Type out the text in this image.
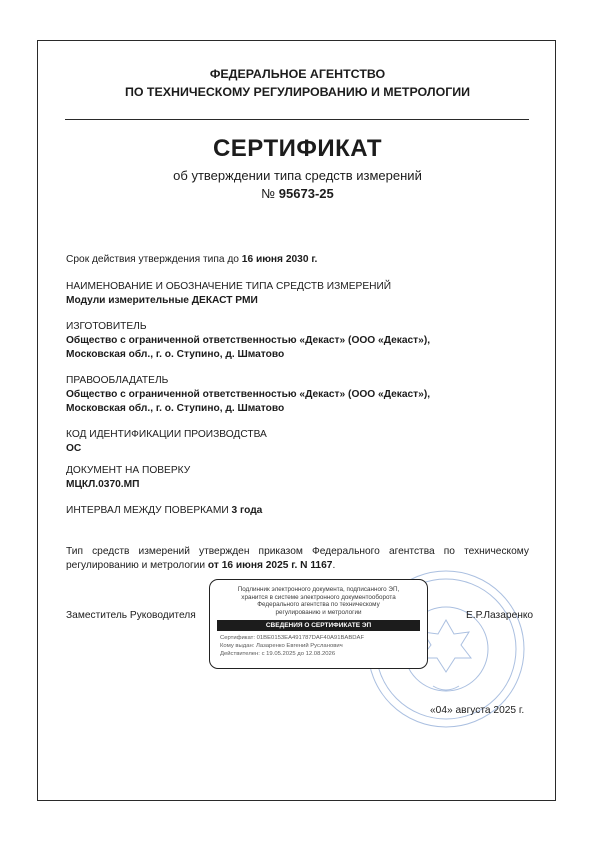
ФЕДЕРАЛЬНОЕ АГЕНТСТВО
ПО ТЕХНИЧЕСКОМУ РЕГУЛИРОВАНИЮ И МЕТРОЛОГИИ
СЕРТИФИКАТ
об утверждении типа средств измерений
№ 95673-25
Срок действия утверждения типа до 16 июня 2030 г.
НАИМЕНОВАНИЕ И ОБОЗНАЧЕНИЕ ТИПА СРЕДСТВ ИЗМЕРЕНИЙ
Модули измерительные ДЕКАСТ РМИ
ИЗГОТОВИТЕЛЬ
Общество с ограниченной ответственностью «Декаст» (ООО «Декаст»),
Московская обл., г. о. Ступино, д. Шматово
ПРАВООБЛАДАТЕЛЬ
Общество с ограниченной ответственностью «Декаст» (ООО «Декаст»),
Московская обл., г. о. Ступино, д. Шматово
КОД ИДЕНТИФИКАЦИИ ПРОИЗВОДСТВА
ОС
ДОКУМЕНТ НА ПОВЕРКУ
МЦКЛ.0370.МП
ИНТЕРВАЛ МЕЖДУ ПОВЕРКАМИ 3 года
Тип средств измерений утвержден приказом Федерального агентства по техническому регулированию и метрологии от 16 июня 2025 г. N 1167.
Заместитель Руководителя	Е.Р.Лазаренко
Подлинник электронного документа, подписанного ЭП,
хранится в системе электронного документооборота
Федерального агентства по техническому
регулированию и метрологии
СВЕДЕНИЯ О СЕРТИФИКАТЕ ЭП
Сертификат: 01BE0153EA491787DAF40A91BABDAF
Кому выдан: Лазаренко Евгений Русланович
Действителен: с 19.05.2025 до 12.08.2026
«04» августа 2025 г.
